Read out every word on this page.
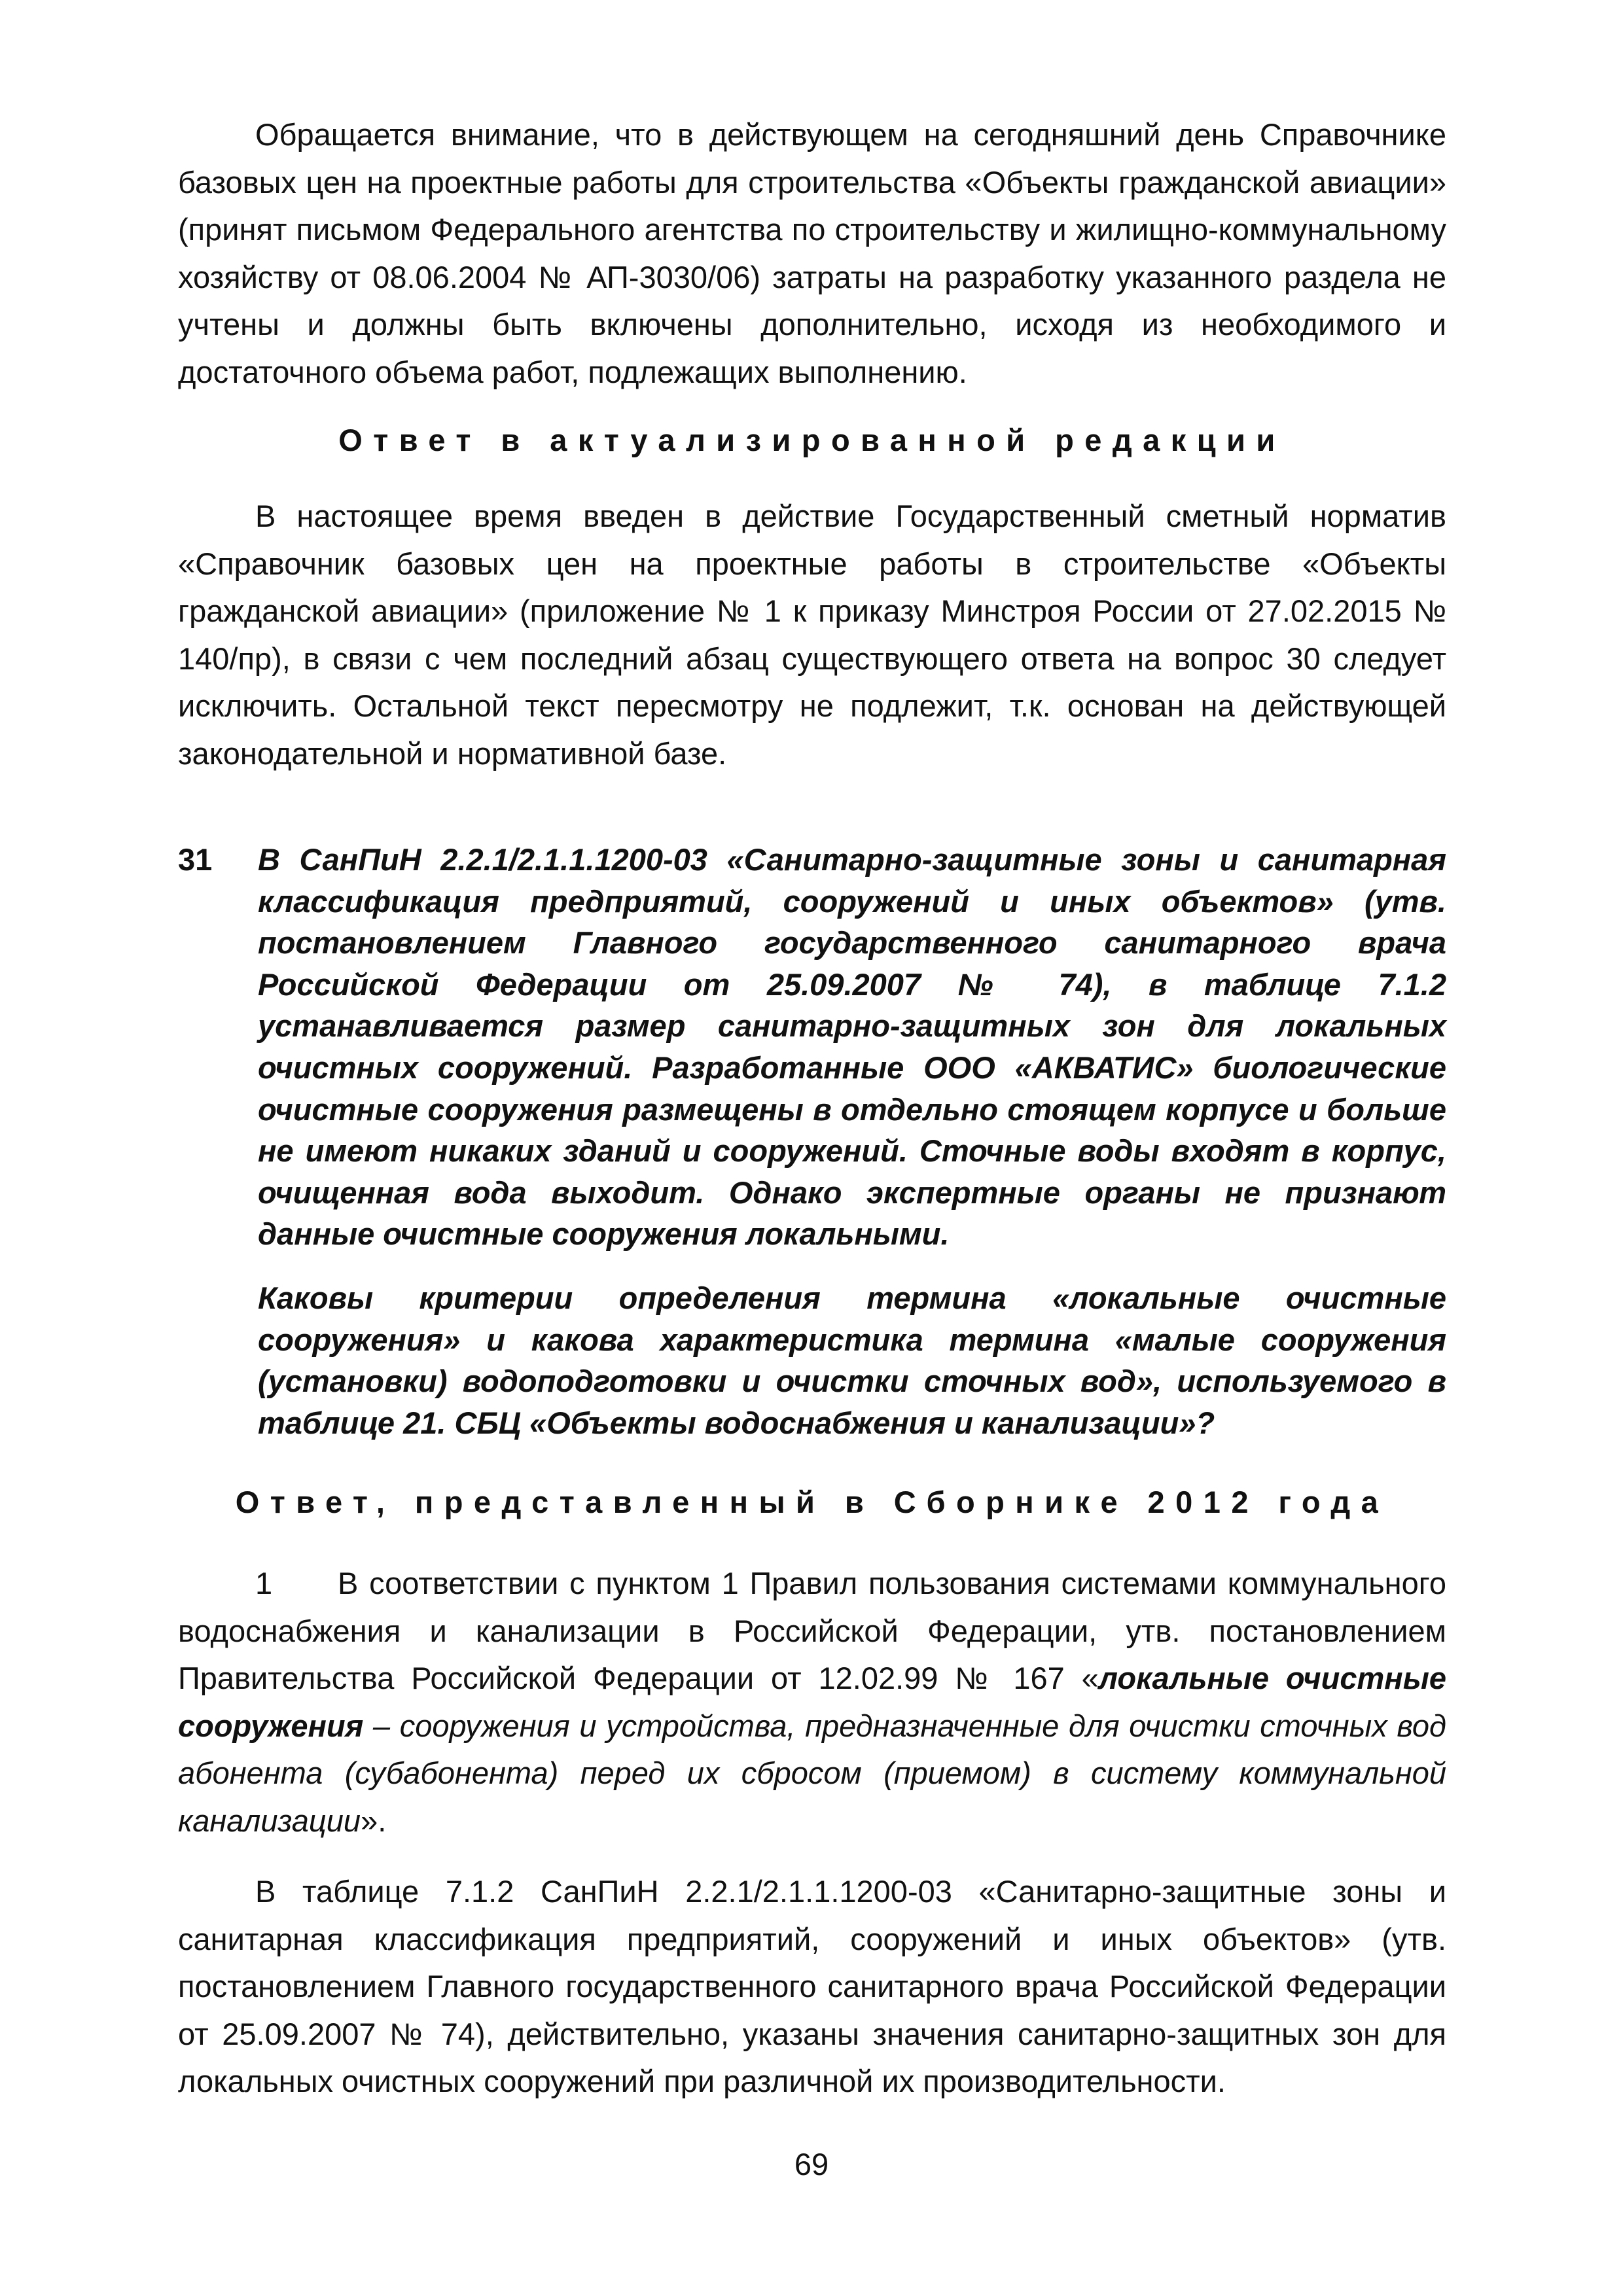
Обращается внимание, что в действующем на сегодняшний день Справочнике базовых цен на проектные работы для строительства «Объекты гражданской авиации» (принят письмом Федерального агентства по строительству и жилищно-коммунальному хозяйству от 08.06.2004 № АП-3030/06) затраты на разработку указанного раздела не учтены и должны быть включены дополнительно, исходя из необходимого и достаточного объема работ, подлежащих выполнению.

Ответ в актуализированной редакции

В настоящее время введен в действие Государственный сметный норматив «Справочник базовых цен на проектные работы в строительстве «Объекты гражданской авиации» (приложение № 1 к приказу Минстроя России от 27.02.2015 № 140/пр), в связи с чем последний абзац существующего ответа на вопрос 30 следует исключить. Остальной текст пересмотру не подлежит, т.к. основан на действующей законодательной и нормативной базе.

31	В СанПиН 2.2.1/2.1.1.1200-03 «Санитарно-защитные зоны и санитарная классификация предприятий, сооружений и иных объектов» (утв. постановлением Главного государственного санитарного врача Российской Федерации от 25.09.2007 № 74), в таблице 7.1.2 устанавливается размер санитарно-защитных зон для локальных очистных сооружений. Разработанные ООО «АКВАТИС» биологические очистные сооружения размещены в отдельно стоящем корпусе и больше не имеют никаких зданий и сооружений. Сточные воды входят в корпус, очищенная вода выходит. Однако экспертные органы не признают данные очистные сооружения локальными.

Каковы критерии определения термина «локальные очистные сооружения» и какова характеристика термина «малые сооружения (установки) водоподготовки и очистки сточных вод», используемого в таблице 21. СБЦ «Объекты водоснабжения и канализации»?

Ответ, представленный в Сборнике 2012 года

1 В соответствии с пунктом 1 Правил пользования системами коммунального водоснабжения и канализации в Российской Федерации, утв. постановлением Правительства Российской Федерации от 12.02.99 № 167 «локальные очистные сооружения – сооружения и устройства, предназначенные для очистки сточных вод абонента (субабонента) перед их сбросом (приемом) в систему коммунальной канализации».

В таблице 7.1.2 СанПиН 2.2.1/2.1.1.1200-03 «Санитарно-защитные зоны и санитарная классификация предприятий, сооружений и иных объектов» (утв. постановлением Главного государственного санитарного врача Российской Федерации от 25.09.2007 № 74), действительно, указаны значения санитарно-защитных зон для локальных очистных сооружений при различной их производительности.

69
